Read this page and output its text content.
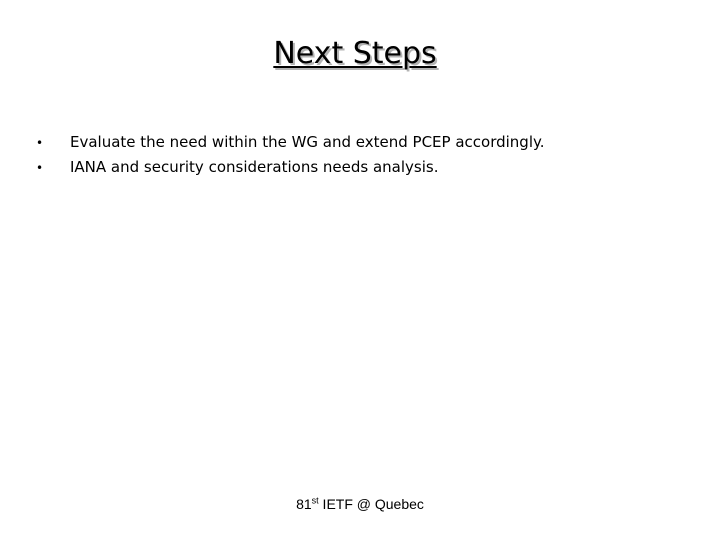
Next Steps
•	Evaluate the need within the WG and extend PCEP accordingly.
•	IANA and security considerations needs analysis.
81st IETF @ Quebec
